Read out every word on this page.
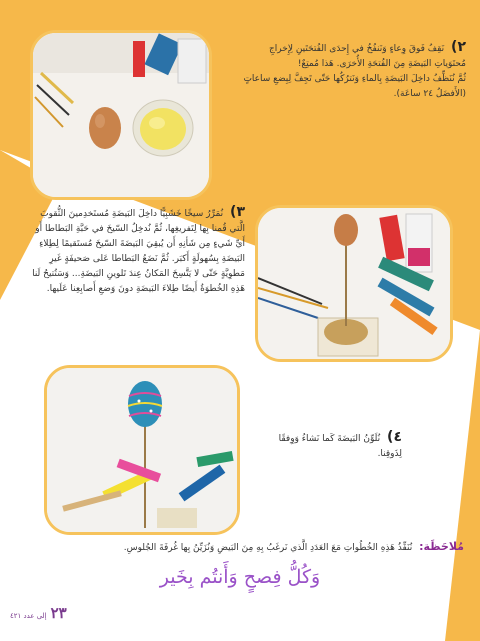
٢) نَقِفُ فَوقَ وِعاءٍ وَنَنفُخُ في إِحدَى الفُتحَتَينِ لِإِخراجِ مُحتَوَياتِ البَيضَةِ مِنَ الفُتحَةِ الأُخرَى. هَذا مُمتِعٌ!
ثُمَّ نُنَظِّفُ داخِلَ البَيضَةِ بِالماءِ وَنَترُكُها حَتّى تَجِفَّ لِبِضعِ ساعاتٍ (الأَفضَلُ ٢٤ ساعَة).
٣) نُمَرِّرُ سيخًا خَشَبِيًّا داخِلَ البَيضَةِ مُستَخدِمينَ الثُّقوبَ الَّتي قُمنا بِها لِتَفريغِها، ثُمَّ نُدخِلُ السّيخَ في حَبَّةِ البَطاطا أَو أَيِّ شَيءٍ مِن شَأنِهِ أَن يُبقِيَ البَيضَةَ السّيخَ مُستَقيمًا لِطِلاءِ البَيضَةِ بِسُهولَةٍ أَكبَر. ثُمَّ نَضَعُ البَطاطا عَلى صَحيفَةٍ غَيرِ مَطوِيَّةٍ حَتّى لا يَتَّسِخَ المَكانُ عِندَ تَلوينِ البَيضَةِ... وَسَتُتيحُ لَنا هَذِهِ الخُطوَةُ أَيضًا طِلاءَ البَيضَةِ دونَ وَضعِ أَصابِعِنا عَلَيها.
٤) نُلَوِّنُ البَيضَةَ كَما نَشاءُ وَوِفقًا لِذَوقِنا.
مُلاحَظَة: نُنَفِّذُ هَذِهِ الخُطُواتِ مَعَ العَدَدِ الَّذي نَرغَبُ بِهِ مِنَ البَيضِ وَنُزَيِّنُ بِها غُرفَةَ الجُلوسِ.
وَكُلُّ فِصحٍ وَأَنتُم بِخَير
٢٣
إلى عدد ٤٢١
